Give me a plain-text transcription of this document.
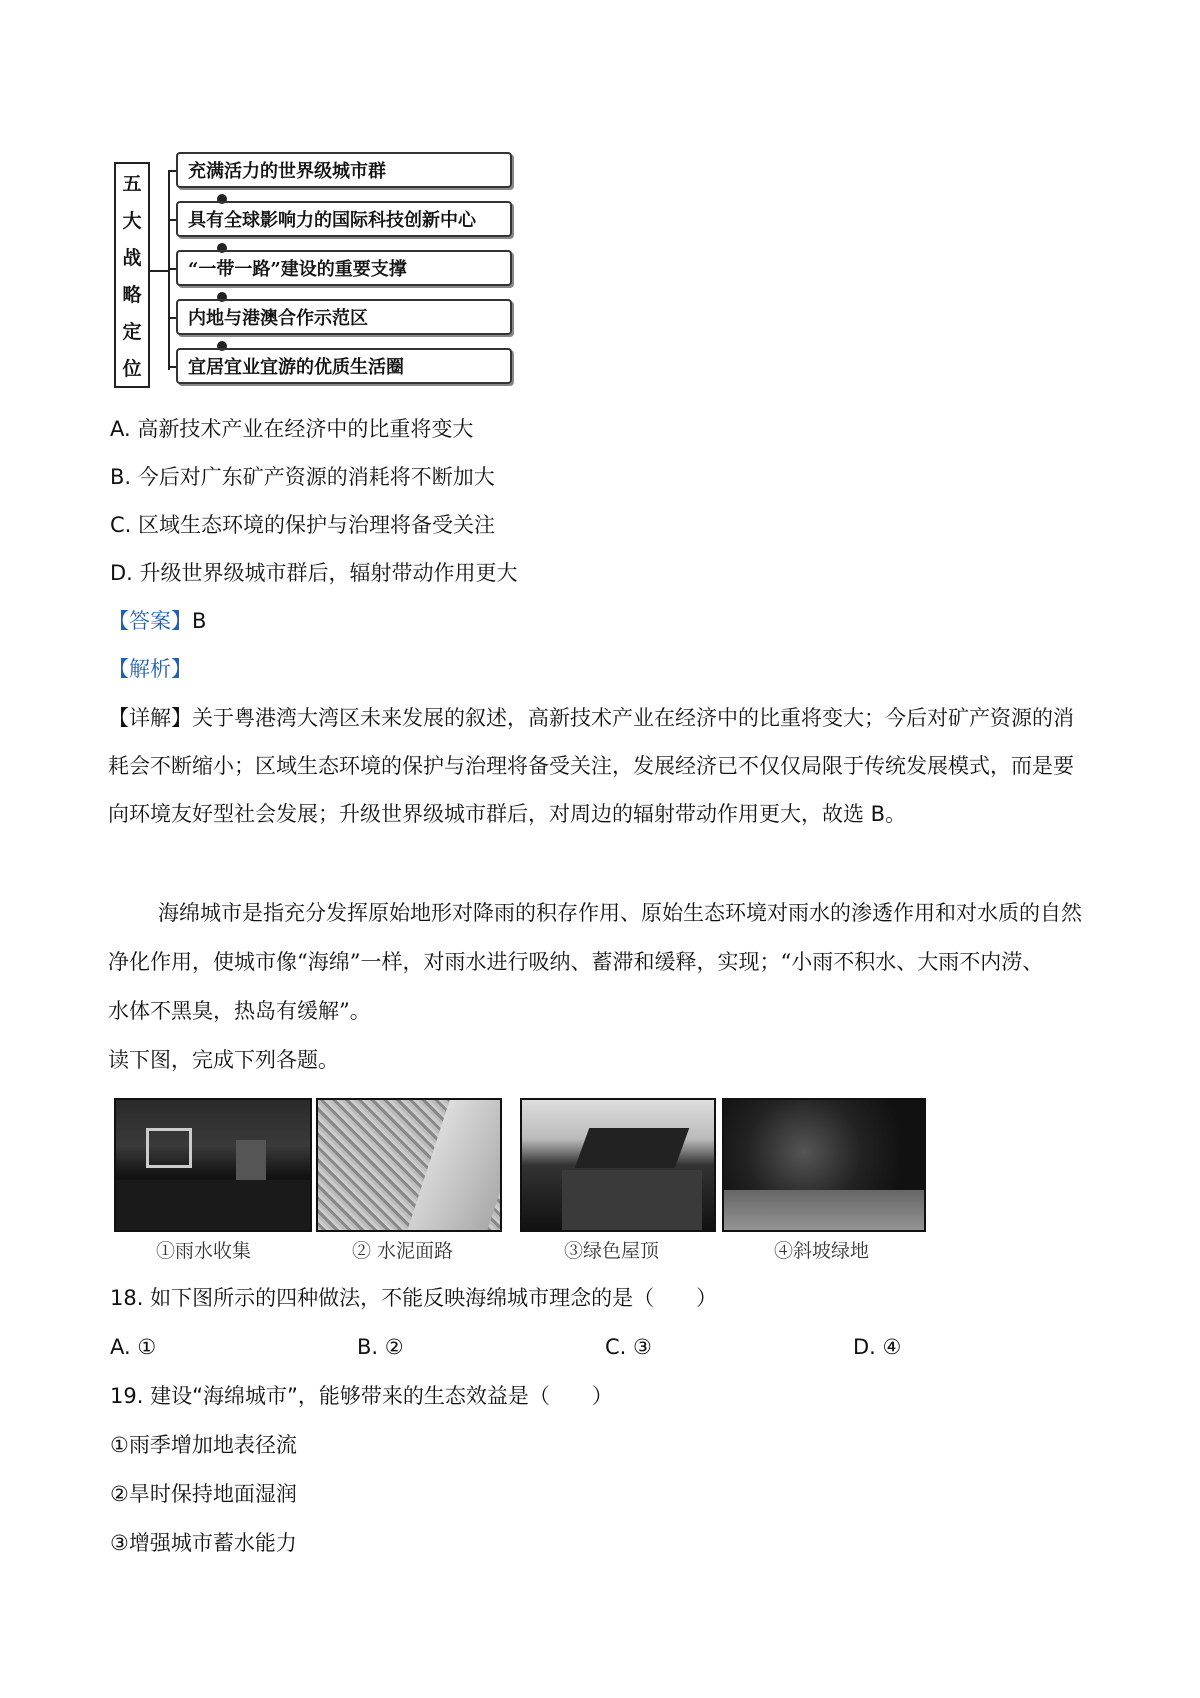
五
大
战
略
定
位
充满活力的世界级城市群
具有全球影响力的国际科技创新中心
“一带一路”建设的重要支撑
内地与港澳合作示范区
宜居宜业宜游的优质生活圈
A. 高新技术产业在经济中的比重将变大
B. 今后对广东矿产资源的消耗将不断加大
C. 区域生态环境的保护与治理将备受关注
D. 升级世界级城市群后，辐射带动作用更大
【答案】B
【解析】
【详解】关于粤港湾大湾区未来发展的叙述，高新技术产业在经济中的比重将变大；今后对矿产资源的消
耗会不断缩小；区域生态环境的保护与治理将备受关注，发展经济已不仅仅局限于传统发展模式，而是要
向环境友好型社会发展；升级世界级城市群后，对周边的辐射带动作用更大，故选 B。
海绵城市是指充分发挥原始地形对降雨的积存作用、原始生态环境对雨水的渗透作用和对水质的自然
净化作用，使城市像“海绵”一样，对雨水进行吸纳、蓄滞和缓释，实现；“小雨不积水、大雨不内涝、
水体不黑臭，热岛有缓解”。
读下图，完成下列各题。
①雨水收集	② 水泥面路	③绿色屋顶	④斜坡绿地
18. 如下图所示的四种做法，不能反映海绵城市理念的是（　　）
A. ①	B. ②	C. ③	D. ④
19. 建设“海绵城市”，能够带来的生态效益是（　　）
①雨季增加地表径流
②旱时保持地面湿润
③增强城市蓄水能力
